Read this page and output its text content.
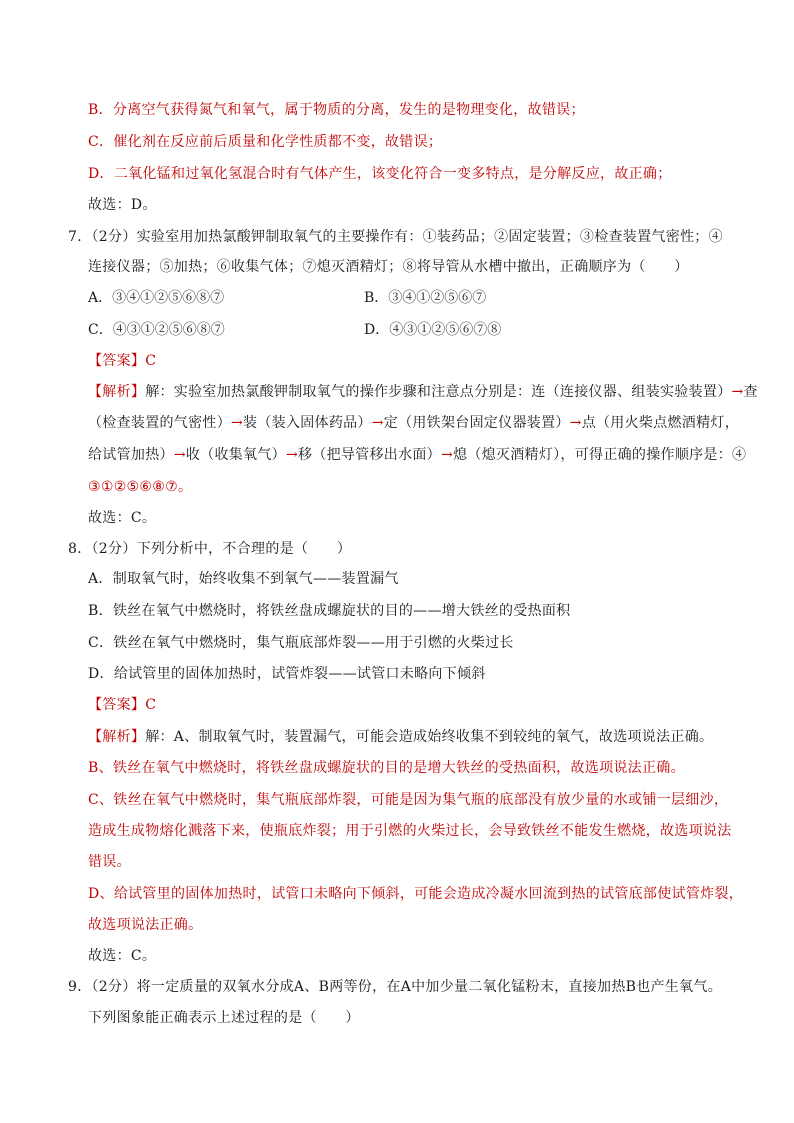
B．分离空气获得氮气和氧气，属于物质的分离，发生的是物理变化，故错误；
C．催化剂在反应前后质量和化学性质都不变，故错误；
D．二氧化锰和过氧化氢混合时有气体产生，该变化符合一变多特点，是分解反应，故正确；
故选：D。
7．（2分）实验室用加热氯酸钾制取氧气的主要操作有：①装药品；②固定装置；③检查装置气密性；④
连接仪器；⑤加热；⑥收集气体；⑦熄灭酒精灯；⑧将导管从水槽中撤出，正确顺序为（　　）
A．③④①②⑤⑥⑧⑦	B．③④①②⑤⑥⑦
C．④③①②⑤⑥⑧⑦	D．④③①②⑤⑥⑦⑧
【答案】C
【解析】解：实验室加热氯酸钾制取氧气的操作步骤和注意点分别是：连（连接仪器、组装实验装置）→查
（检查装置的气密性）→装（装入固体药品）→定（用铁架台固定仪器装置）→点（用火柴点燃酒精灯，
给试管加热）→收（收集氧气）→移（把导管移出水面）→熄（熄灭酒精灯），可得正确的操作顺序是：④
③①②⑤⑥⑧⑦。
故选：C。
8．（2分）下列分析中，不合理的是（　　）
A．制取氧气时，始终收集不到氧气——装置漏气
B．铁丝在氧气中燃烧时，将铁丝盘成螺旋状的目的——增大铁丝的受热面积
C．铁丝在氧气中燃烧时，集气瓶底部炸裂——用于引燃的火柴过长
D．给试管里的固体加热时，试管炸裂——试管口未略向下倾斜
【答案】C
【解析】解：A、制取氧气时，装置漏气，可能会造成始终收集不到较纯的氧气，故选项说法正确。
B、铁丝在氧气中燃烧时，将铁丝盘成螺旋状的目的是增大铁丝的受热面积，故选项说法正确。
C、铁丝在氧气中燃烧时，集气瓶底部炸裂，可能是因为集气瓶的底部没有放少量的水或铺一层细沙，
造成生成物熔化溅落下来，使瓶底炸裂；用于引燃的火柴过长，会导致铁丝不能发生燃烧，故选项说法
错误。
D、给试管里的固体加热时，试管口未略向下倾斜，可能会造成冷凝水回流到热的试管底部使试管炸裂，
故选项说法正确。
故选：C。
9．（2分）将一定质量的双氧水分成A、B两等份，在A中加少量二氧化锰粉末，直接加热B也产生氧气。
下列图象能正确表示上述过程的是（　　）
